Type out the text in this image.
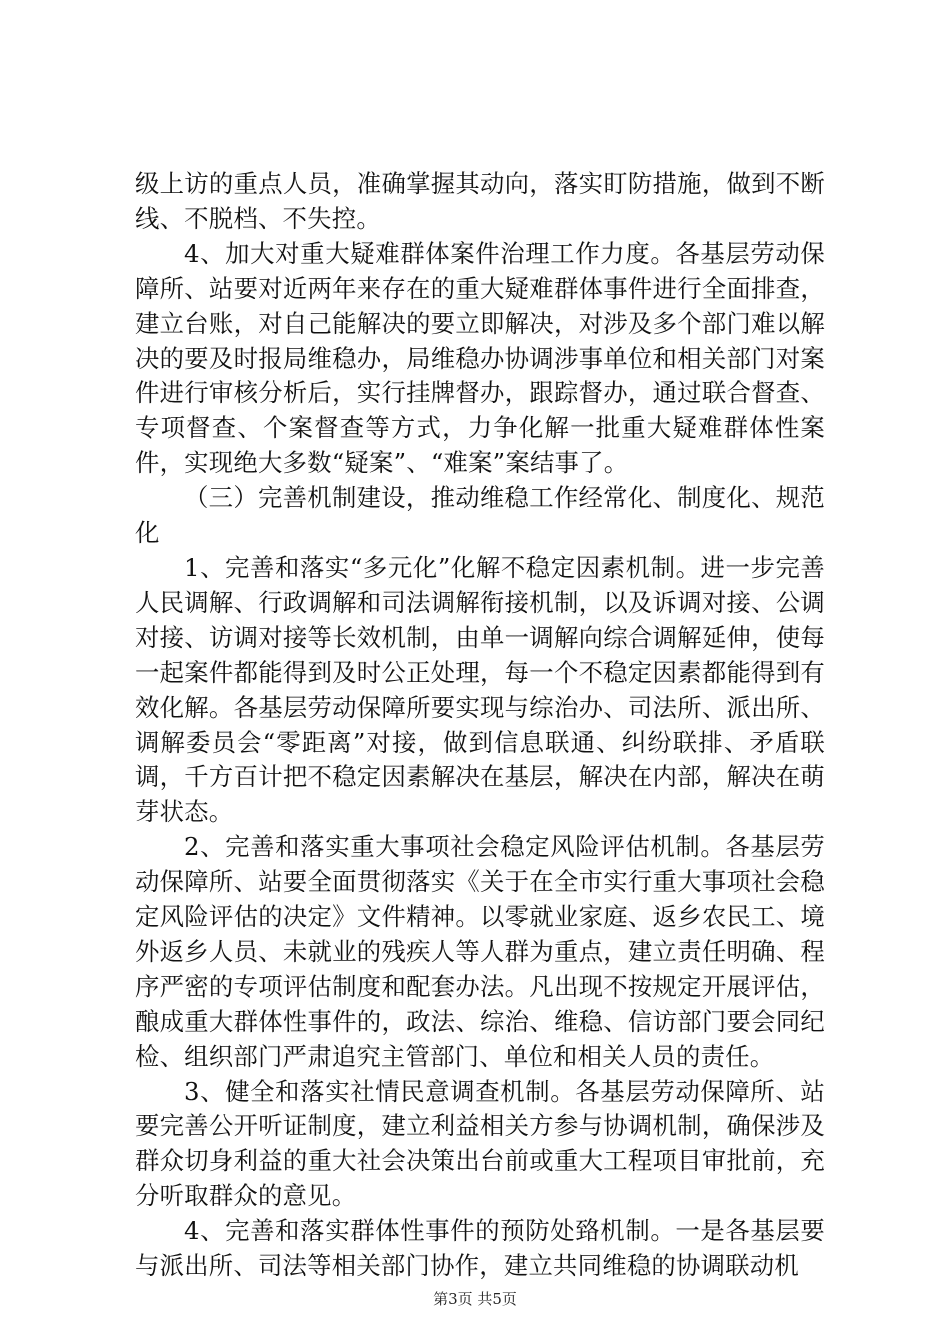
级上访的重点人员，准确掌握其动向，落实盯防措施，做到不断线、不脱档、不失控。

4、加大对重大疑难群体案件治理工作力度。各基层劳动保障所、站要对近两年来存在的重大疑难群体事件进行全面排查，建立台账，对自己能解决的要立即解决，对涉及多个部门难以解决的要及时报局维稳办，局维稳办协调涉事单位和相关部门对案件进行审核分析后，实行挂牌督办，跟踪督办，通过联合督查、专项督查、个案督查等方式，力争化解一批重大疑难群体性案件，实现绝大多数“疑案”、“难案”案结事了。

（三）完善机制建设，推动维稳工作经常化、制度化、规范化

1、完善和落实“多元化”化解不稳定因素机制。进一步完善人民调解、行政调解和司法调解衔接机制，以及诉调对接、公调对接、访调对接等长效机制，由单一调解向综合调解延伸，使每一起案件都能得到及时公正处理，每一个不稳定因素都能得到有效化解。各基层劳动保障所要实现与综治办、司法所、派出所、调解委员会“零距离”对接，做到信息联通、纠纷联排、矛盾联调，千方百计把不稳定因素解决在基层，解决在内部，解决在萌芽状态。

2、完善和落实重大事项社会稳定风险评估机制。各基层劳动保障所、站要全面贯彻落实《关于在全市实行重大事项社会稳定风险评估的决定》文件精神。以零就业家庭、返乡农民工、境外返乡人员、未就业的残疾人等人群为重点，建立责任明确、程序严密的专项评估制度和配套办法。凡出现不按规定开展评估，酿成重大群体性事件的，政法、综治、维稳、信访部门要会同纪检、组织部门严肃追究主管部门、单位和相关人员的责任。

3、健全和落实社情民意调查机制。各基层劳动保障所、站要完善公开听证制度，建立利益相关方参与协调机制，确保涉及群众切身利益的重大社会决策出台前或重大工程项目审批前，充分听取群众的意见。

4、完善和落实群体性事件的预防处臵机制。一是各基层要与派出所、司法等相关部门协作，建立共同维稳的协调联动机

第3页 共5页
